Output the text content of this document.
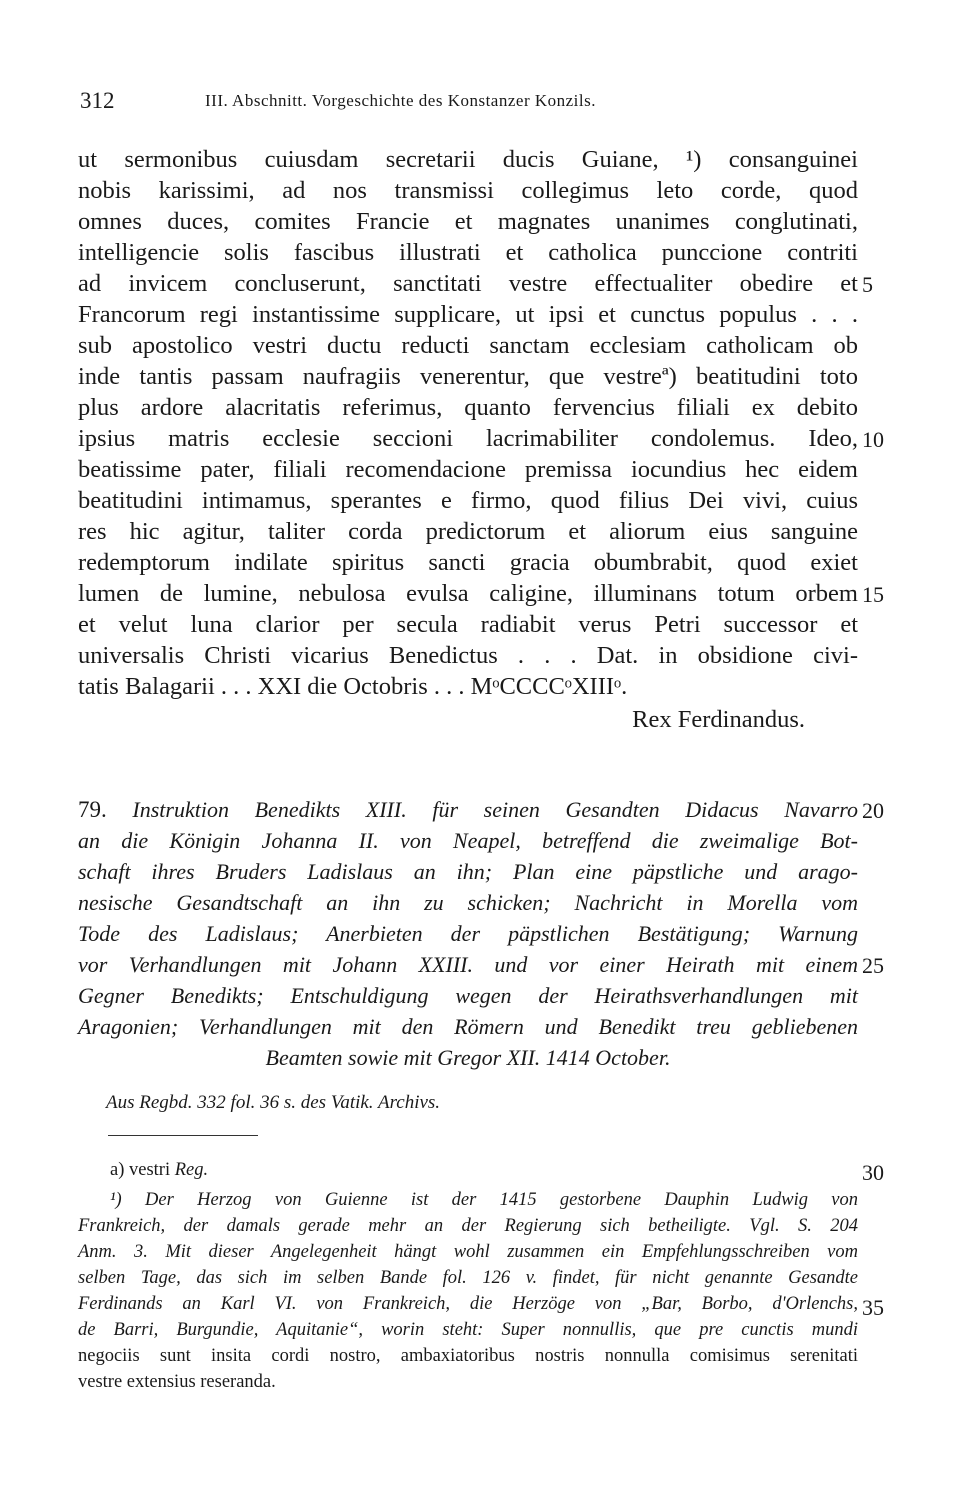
312	III. Abschnitt. Vorgeschichte des Konstanzer Konzils.
ut sermonibus cuiusdam secretarii ducis Guiane, ¹) consanguinei
nobis karissimi, ad nos transmissi collegimus leto corde, quod
omnes duces, comites Francie et magnates unanimes conglutinati,
intelligencie solis fascibus illustrati et catholica punccione contriti
ad invicem concluserunt, sanctitati vestre effectualiter obedire et
Francorum regi instantissime supplicare, ut ipsi et cunctus populus . . .
sub apostolico vestri ductu reducti sanctam ecclesiam catholicam ob
inde tantis passam naufragiis venerentur, que vestreª) beatitudini toto
plus ardore alacritatis referimus, quanto fervencius filiali ex debito
ipsius matris ecclesie seccioni lacrimabiliter condolemus. Ideo,
beatissime pater, filiali recomendacione premissa iocundius hec eidem
beatitudini intimamus, sperantes e firmo, quod filius Dei vivi, cuius
res hic agitur, taliter corda predictorum et aliorum eius sanguine
redemptorum indilate spiritus sancti gracia obumbrabit, quod exiet
lumen de lumine, nebulosa evulsa caligine, illuminans totum orbem
et velut luna clarior per secula radiabit verus Petri successor et
universalis Christi vicarius Benedictus . . . Dat. in obsidione civi-
tatis Balagarii . . . XXI die Octobris . . . MᵒCCCCᵒXIIIᵒ.
Rex Ferdinandus.
5
10
15
79. Instruktion Benedikts XIII. für seinen Gesandten Didacus Navarro
an die Königin Johanna II. von Neapel, betreffend die zweimalige Bot-
schaft ihres Bruders Ladislaus an ihn; Plan eine päpstliche und arago-
nesische Gesandtschaft an ihn zu schicken; Nachricht in Morella vom
Tode des Ladislaus; Anerbieten der päpstlichen Bestätigung; Warnung
vor Verhandlungen mit Johann XXIII. und vor einer Heirath mit einem
Gegner Benedikts; Entschuldigung wegen der Heirathsverhandlungen mit
Aragonien; Verhandlungen mit den Römern und Benedikt treu gebliebenen
Beamten sowie mit Gregor XII. 1414 October.
20
25
Aus Regbd. 332 fol. 36 s. des Vatik. Archivs.
a) vestri Reg.	30
¹) Der Herzog von Guienne ist der 1415 gestorbene Dauphin Ludwig von
Frankreich, der damals gerade mehr an der Regierung sich betheiligte. Vgl. S. 204
Anm. 3. Mit dieser Angelegenheit hängt wohl zusammen ein Empfehlungsschreiben vom
selben Tage, das sich im selben Bande fol. 126 v. findet, für nicht genannte Gesandte
Ferdinands an Karl VI. von Frankreich, die Herzöge von „Bar, Borbo, d'Orlenchs,
de Barri, Burgundie, Aquitanie“, worin steht: Super nonnullis, que pre cunctis mundi
negociis sunt insita cordi nostro, ambaxiatoribus nostris nonnulla comisimus serenitati
vestre extensius reseranda.
35
